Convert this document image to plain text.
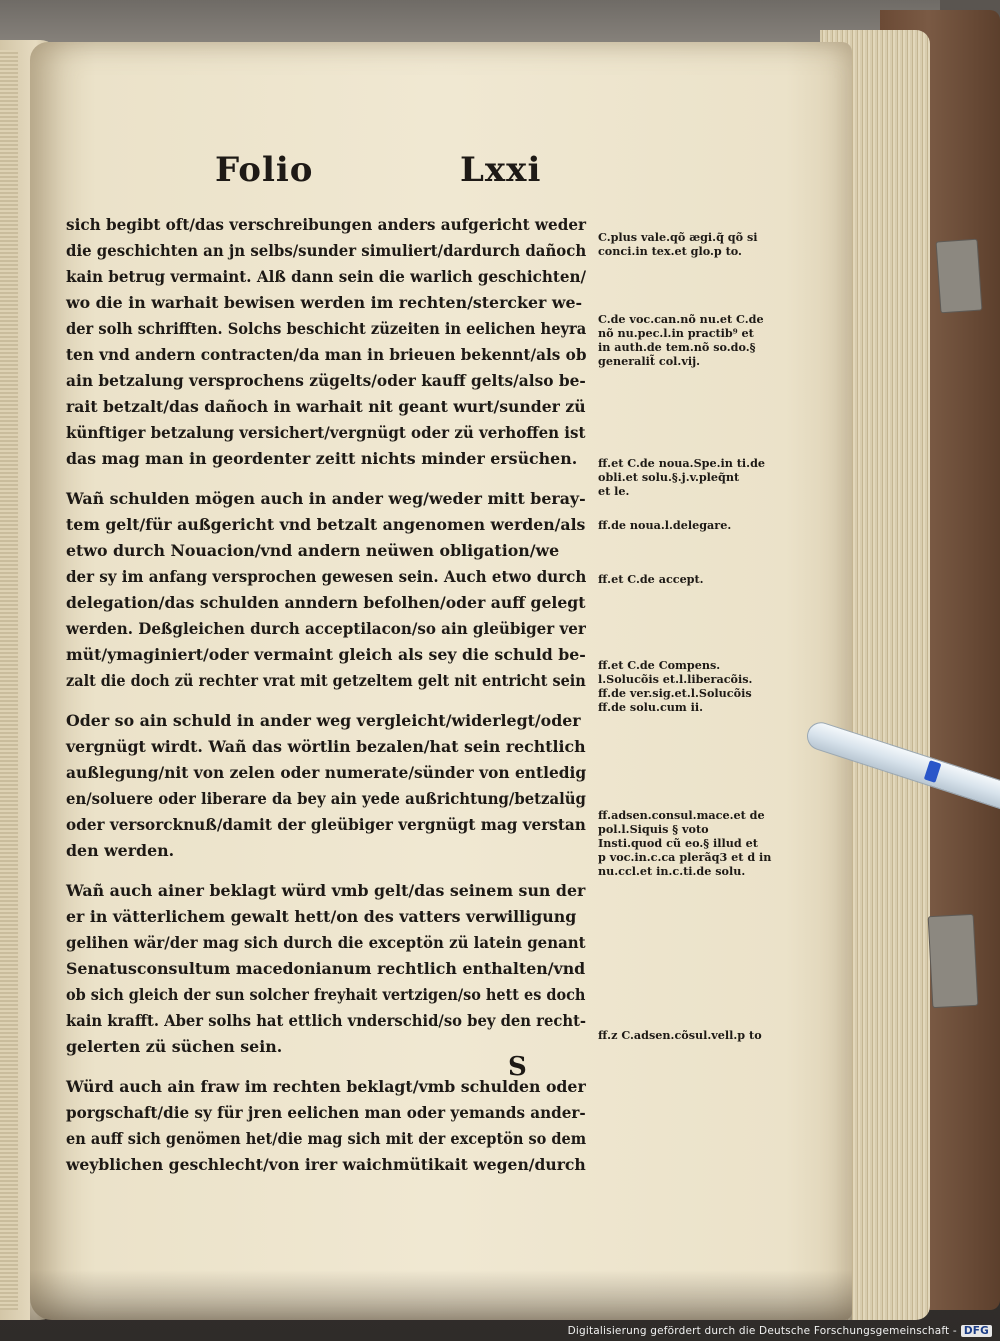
Folio	Lxxi
sich begibt oft/das verschreibungen anders aufgericht weder
die geschichten an jn selbs/sunder simuliert/dardurch dañoch
kain betrug vermaint. Alß dann sein die warlich geschichten/
wo die in warhait bewisen werden im rechten/stercker we-
der solh schrifften. Solchs beschicht züzeiten in eelichen heyra
ten vnd andern contracten/da man in brieuen bekennt/als ob
ain betzalung versprochens zügelts/oder kauff gelts/also be-
rait betzalt/das dañoch in warhait nit geant wurt/sunder zü
künftiger betzalung versichert/vergnügt oder zü verhoffen ist
das mag man in geordenter zeitt nichts minder ersüchen.
Wañ schulden mögen auch in ander weg/weder mitt beray-
tem gelt/für außgericht vnd betzalt angenomen werden/als
etwo durch Nouacion/vnd andern neüwen obligation/we
der sy im anfang versprochen gewesen sein. Auch etwo durch
delegation/das schulden anndern befolhen/oder auff gelegt
werden. Deßgleichen durch acceptilacon/so ain gleübiger ver
müt/ymaginiert/oder vermaint gleich als sey die schuld be-
zalt die doch zü rechter vrat mit getzeltem gelt nit entricht sein
Oder so ain schuld in ander weg vergleicht/widerlegt/oder
vergnügt wirdt. Wañ das wörtlin bezalen/hat sein rechtlich
außlegung/nit von zelen oder numerate/sünder von entledig
en/soluere oder liberare da bey ain yede außrichtung/betzalüg
oder versorcknuß/damit der gleübiger vergnügt mag verstan
den werden.
Wañ auch ainer beklagt würd vmb gelt/das seinem sun der
er in vätterlichem gewalt hett/on des vatters verwilligung
gelihen wär/der mag sich durch die exceptön zü latein genant
Senatusconsultum macedonianum rechtlich enthalten/vnd
ob sich gleich der sun solcher freyhait vertzigen/so hett es doch
kain krafft. Aber solhs hat ettlich vnderschid/so bey den recht-
gelerten zü süchen sein.
Würd auch ain fraw im rechten beklagt/vmb schulden oder
porgschaft/die sy für jren eelichen man oder yemands ander-
en auff sich genömen het/die mag sich mit der exceptön so dem
weyblichen geschlecht/von irer waichmütikait wegen/durch
C.plus vale.qõ ægi.q̃ qõ si
conci.in tex.et glo.p to.
C.de voc.can.nõ nu.et C.de
nõ nu.pec.l.in practib⁹ et
in auth.de tem.nõ so.do.§
generalit̃ col.vij.
ff.et C.de noua.Spe.in ti.de
obli.et solu.§.j.v.pleq̃nt
et le.
ff.de noua.l.delegare.
ff.et C.de accept.
ff.et C.de Compens.
l.Solucõis et.l.liberacõis.
ff.de ver.sig.et.l.Solucõis
ff.de solu.cum ii.
ff.adsen.consul.mace.et de
pol.l.Siquis § voto
Insti.quod cũ eo.§ illud et
p voc.in.c.ca plerãq3 et d in
nu.ccl.et in.c.ti.de solu.
ff.z C.adsen.cõsul.vell.p to
S
Digitalisierung gefördert durch die Deutsche Forschungsgemeinschaft - DFG
